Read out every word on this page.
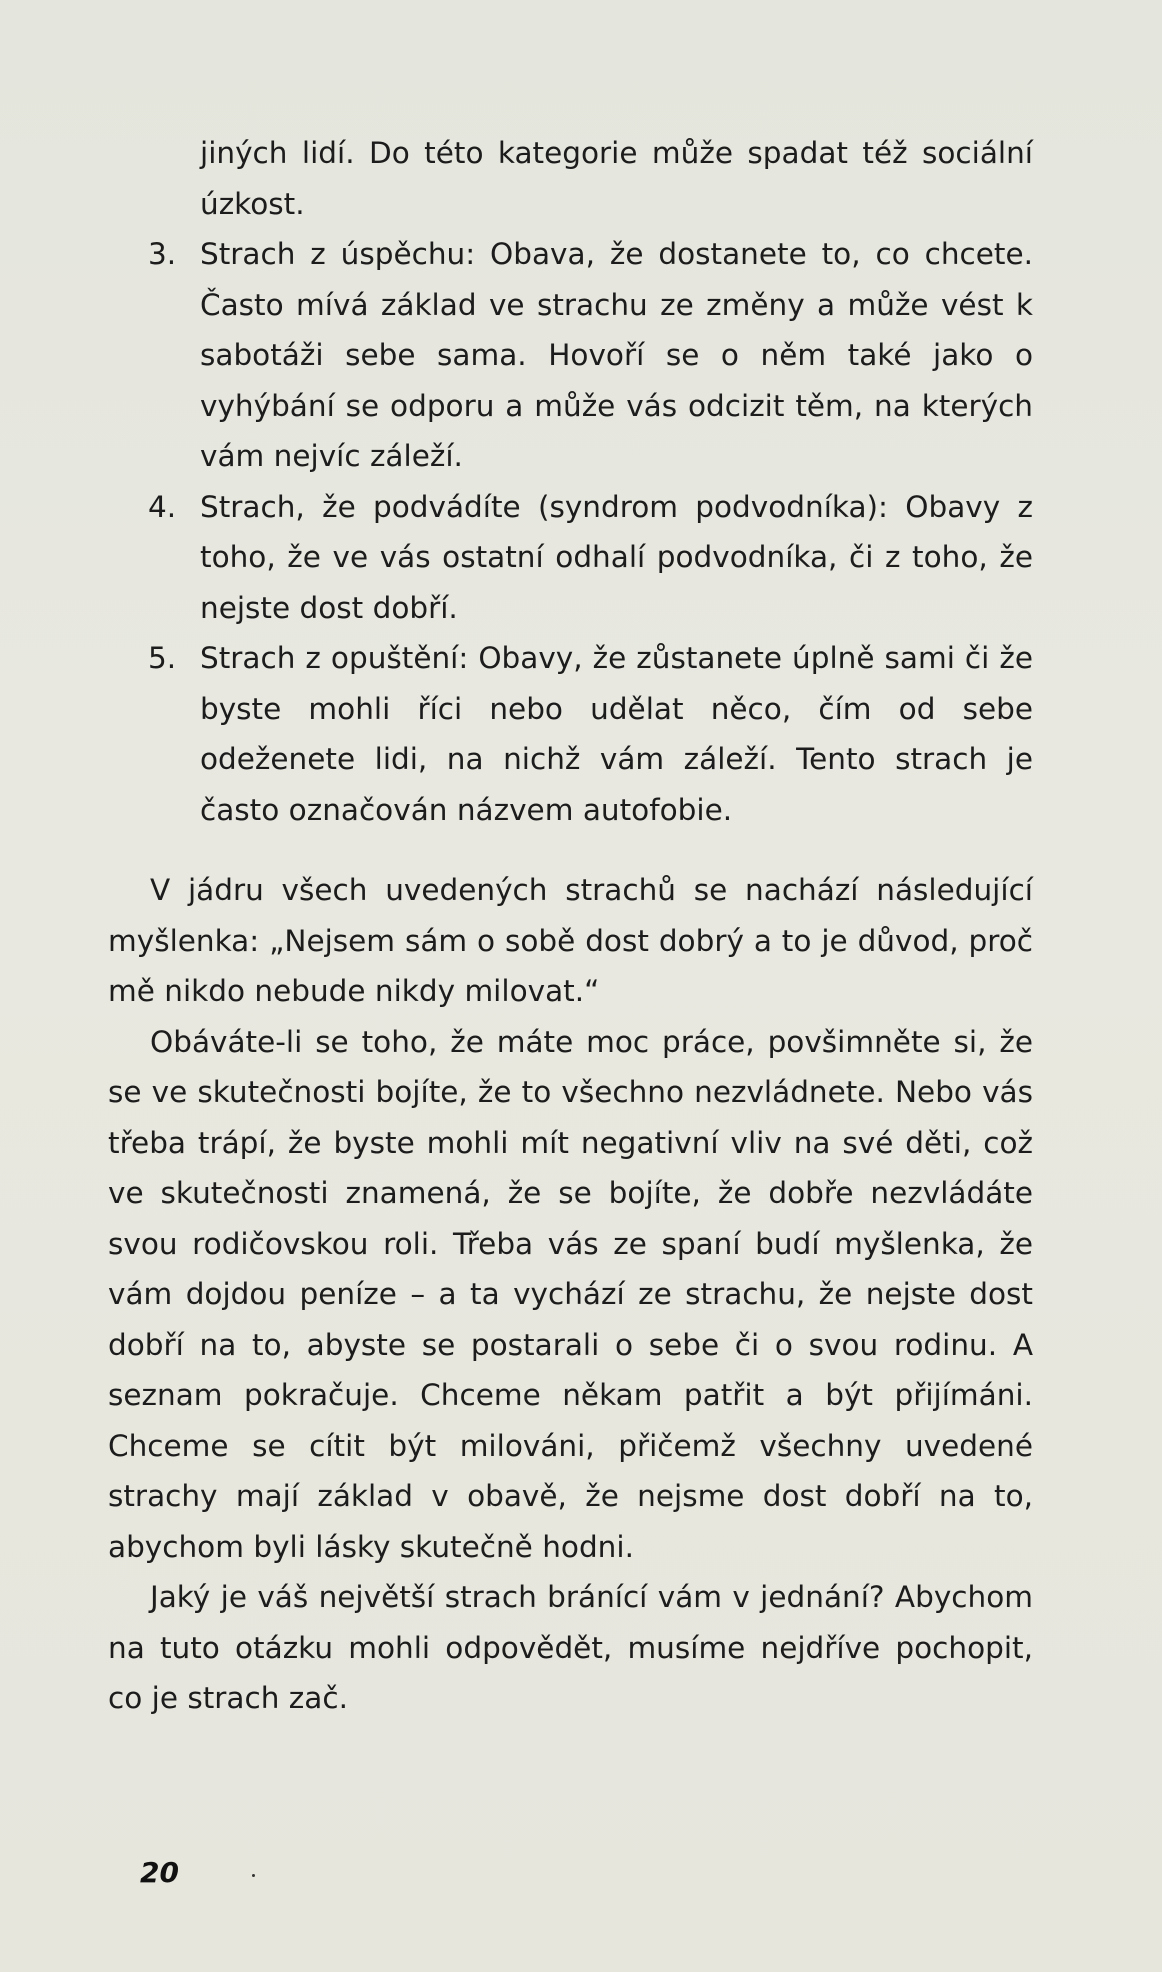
jiných lidí. Do této kategorie může spadat též sociální úzkost.
3. Strach z úspěchu: Obava, že dostanete to, co chcete. Často mívá základ ve strachu ze změny a může vést k sabotáži sebe sama. Hovoří se o něm také jako o vyhýbání se odporu a může vás odcizit těm, na kterých vám nejvíc záleží.
4. Strach, že podvádíte (syndrom podvodníka): Obavy z toho, že ve vás ostatní odhalí podvodníka, či z toho, že nejste dost dobří.
5. Strach z opuštění: Obavy, že zůstanete úplně sami či že byste mohli říci nebo udělat něco, čím od sebe odeženete lidi, na nichž vám záleží. Tento strach je často označován názvem autofobie.

V jádru všech uvedených strachů se nachází následující myšlenka: „Nejsem sám o sobě dost dobrý a to je důvod, proč mě nikdo nebude nikdy milovat.“

Obáváte-li se toho, že máte moc práce, povšimněte si, že se ve skutečnosti bojíte, že to všechno nezvládnete. Nebo vás třeba trápí, že byste mohli mít negativní vliv na své děti, což ve skutečnosti znamená, že se bojíte, že dobře nezvládáte svou rodičovskou roli. Třeba vás ze spaní budí myšlenka, že vám dojdou peníze – a ta vychází ze strachu, že nejste dost dobří na to, abyste se postarali o sebe či o svou rodinu. A seznam pokračuje. Chceme někam patřit a být přijímáni. Chceme se cítit být milováni, přičemž všechny uvedené strachy mají základ v obavě, že nejsme dost dobří na to, abychom byli lásky skutečně hodni.

Jaký je váš největší strach bránící vám v jednání? Abychom na tuto otázku mohli odpovědět, musíme nejdříve pochopit, co je strach zač.

20
